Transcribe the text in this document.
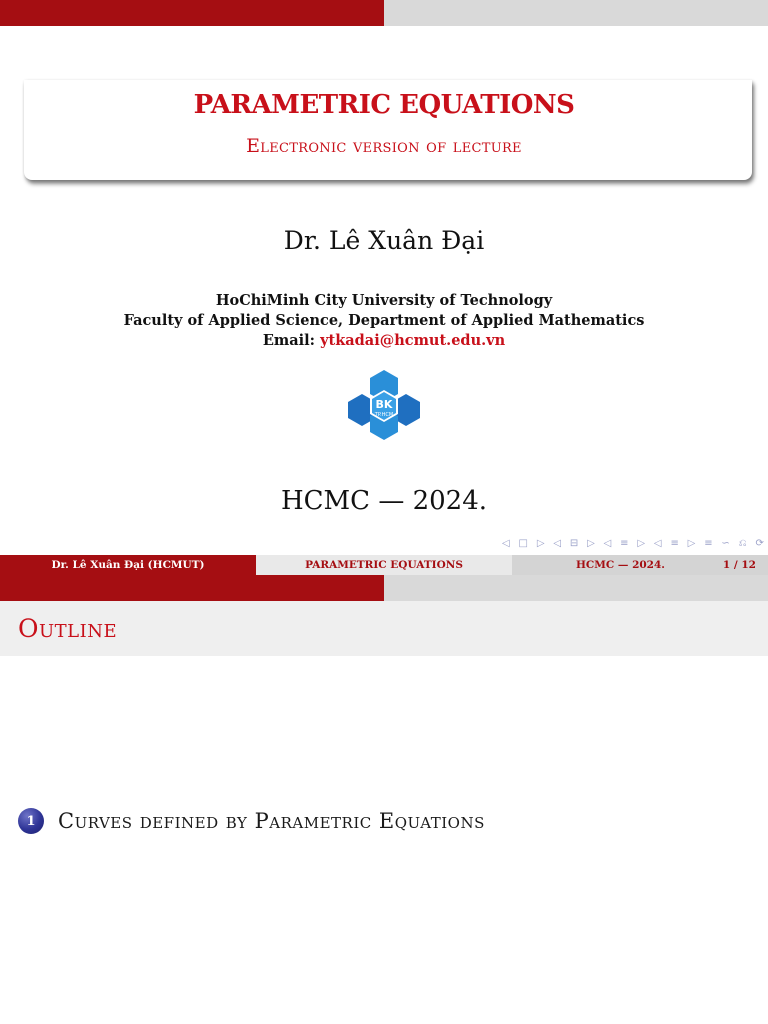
PARAMETRIC EQUATIONS
Electronic version of lecture
Dr. Lê Xuân Đại
HoChiMinh City University of Technology
Faculty of Applied Science, Department of Applied Mathematics
Email: ytkadai@hcmut.edu.vn
BK
TP.HCM
HCMC — 2024.
◁ □ ▷ ◁ ⊟ ▷ ◁ ≡ ▷ ◁ ≡ ▷ ≡ ∽ ⎌ ⟳
Dr. Lê Xuân Đại (HCMUT)	PARAMETRIC EQUATIONS	HCMC — 2024.	1 / 12
Outline
1	Curves defined by Parametric Equations
